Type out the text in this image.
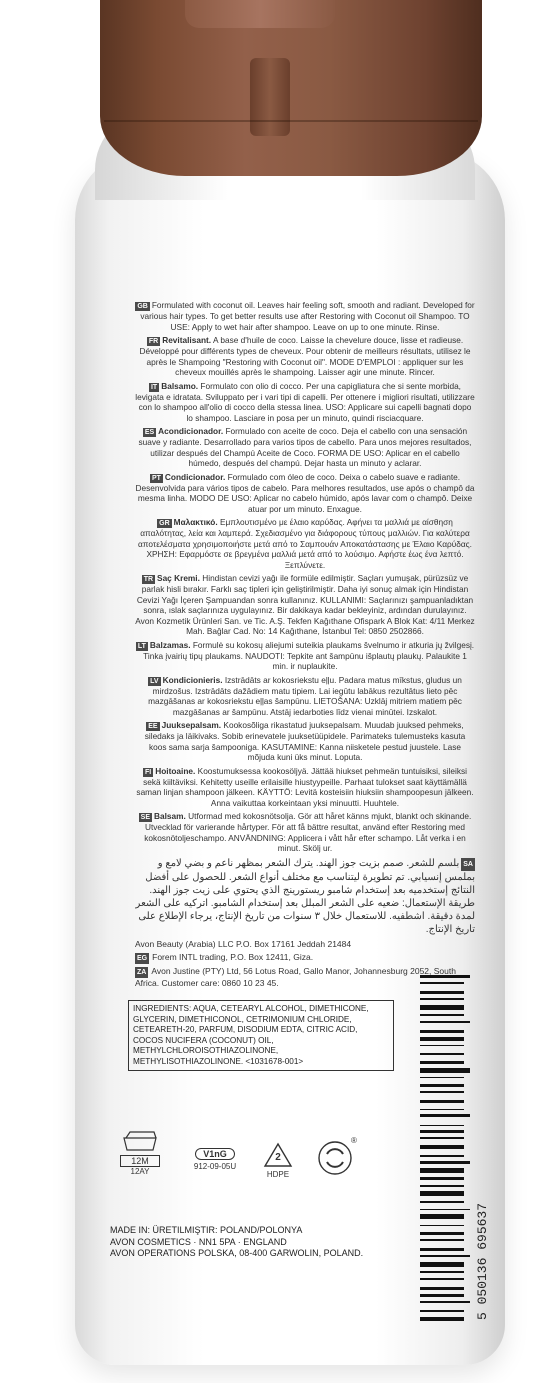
GB Formulated with coconut oil. Leaves hair feeling soft, smooth and radiant. Developed for various hair types. To get better results use after Restoring with Coconut oil Shampoo. TO USE: Apply to wet hair after shampoo. Leave on up to one minute. Rinse.
FR Revitalisant. A base d'huile de coco. Laisse la chevelure douce, lisse et radieuse. Développé pour différents types de cheveux. Pour obtenir de meilleurs résultats, utilisez le après le Shampoing "Restoring with Coconut oil". MODE D'EMPLOI : appliquer sur les cheveux mouillés après le shampoing. Laisser agir une minute. Rincer.
IT Balsamo. Formulato con olio di cocco. Per una capigliatura che si sente morbida, levigata e idratata. Sviluppato per i vari tipi di capelli. Per ottenere i migliori risultati, utilizzare con lo shampoo all'olio di cocco della stessa linea. USO: Applicare sui capelli bagnati dopo lo shampoo. Lasciare in posa per un minuto, quindi risciacquare.
ES Acondicionador. Formulado con aceite de coco. Deja el cabello con una sensación suave y radiante. Desarrollado para varios tipos de cabello. Para unos mejores resultados, utilizar después del Champú Aceite de Coco. FORMA DE USO: Aplicar en el cabello húmedo, después del champú. Dejar hasta un minuto y aclarar.
PT Condicionador. Formulado com óleo de coco. Deixa o cabelo suave e radiante. Desenvolvida para vários tipos de cabelo. Para melhores resultados, use após o champô da mesma linha. MODO DE USO: Aplicar no cabelo húmido, após lavar com o champô. Deixe atuar por um minuto. Enxague.
GR Μαλακτικό. Εμπλουτισμένο με έλαιο καρύδας. Αφήνει τα μαλλιά με αίσθηση απαλότητας, λεία και λαμπερά. Σχεδιασμένο για διάφορους τύπους μαλλιών. Για καλύτερα αποτελέσματα χρησιμοποιήστε μετά από το Σαμπουάν Αποκατάστασης με Έλαιο Καρύδας. ΧΡΗΣΗ: Εφαρμόστε σε βρεγμένα μαλλιά μετά από το λούσιμο. Αφήστε έως ένα λεπτό. Ξεπλύνετε.
TR Saç Kremi. Hindistan cevizi yağı ile formüle edilmiştir. Saçları yumuşak, pürüzsüz ve parlak hisli bırakır. Farklı saç tipleri için geliştirilmiştir. Daha iyi sonuç almak için Hindistan Cevizi Yağı İçeren Şampuandan sonra kullanınız. KULLANIMI: Saçlarınızı şampuanladıktan sonra, ıslak saçlarınıza uygulayınız. Bir dakikaya kadar bekleyiniz, ardından durulayınız. Avon Kozmetik Ürünleri San. ve Tic. A.Ş. Tekfen Kağıthane Ofispark A Blok Kat: 4/11 Merkez Mah. Bağlar Cad. No: 14 Kağıthane, İstanbul Tel: 0850 2502866.
LT Balzamas. Formulė su kokosų aliejumi suteikia plaukams švelnumo ir atkuria jų žvilgesį. Tinka įvairių tipų plaukams. NAUDOTI: Tepkite ant šampūnu išplautų plaukų. Palaukite 1 min. ir nuplaukite.
LV Kondicionieris. Izstrādāts ar kokosriekstu eļļu. Padara matus mīkstus, gludus un mirdzošus. Izstrādāts dažādiem matu tipiem. Lai iegūtu labākus rezultātus lieto pēc mazgāšanas ar kokosriekstu eļļas šampūnu. LIETOŠANA: Uzklāj mitriem matiem pēc mazgāšanas ar šampūnu. Atstāj iedarboties līdz vienai minūtei. Izskalot.
EE Juuksepalsam. Kookosõliga rikastatud juuksepalsam. Muudab juuksed pehmeks, siledaks ja läikivaks. Sobib erinevatele juuksetüüpidele. Parimateks tulemusteks kasuta koos sama sarja šampooniga. KASUTAMINE: Kanna niisketele pestud juustele. Lase mõjuda kuni üks minut. Loputa.
FI Hoitoaine. Koostumuksessa kookosöljyä. Jättää hiukset pehmeän tuntuisiksi, sileiksi sekä kiiltäviksi. Kehitetty useille erilaisille hiustyypeille. Parhaat tulokset saat käyttämällä saman linjan shampoon jälkeen. KÄYTTÖ: Levitä kosteisiin hiuksiin shampoopesun jälkeen. Anna vaikuttaa korkeintaan yksi minuutti. Huuhtele.
SE Balsam. Utformad med kokosnötsolja. Gör att håret känns mjukt, blankt och skinande. Utvecklad för varierande hårtyper. För att få bättre resultat, använd efter Restoring med kokosnötoljeschampo. ANVÄNDNING: Applicera i vått hår efter schampo. Låt verka i en minut. Skölj ur.
SAبلسم للشعر. صمم بزيت جوز الهند. يترك الشعر بمظهر ناعم و بضي لامع و بملمس إنسيابي. تم تطويرة ليتناسب مع مختلف أنواع الشعر. للحصول على أفضل النتائج إستخدميه بعد إستخدام شامبو ريستورينج الذي يحتوي على زيت جوز الهند. طريقة الإستعمال: ضعيه على الشعر المبلل بعد إستخدام الشامبو. اتركيه على الشعر لمدة دقيقة. اشطفيه. للاستعمال خلال ٣ سنوات من تاريخ الإنتاج، يرجاء الإطلاع على تاريخ الإنتاج.
Avon Beauty (Arabia) LLC P.O. Box 17161 Jeddah 21484
EG Forem INTL trading, P.O. Box 12411, Giza.
ZA Avon Justine (PTY) Ltd, 56 Lotus Road, Gallo Manor, Johannesburg 2052, South Africa. Customer care: 0860 10 23 45.
INGREDIENTS: AQUA, CETEARYL ALCOHOL, DIMETHICONE, GLYCERIN, DIMETHICONOL, CETRIMONIUM CHLORIDE, CETEARETH-20, PARFUM, DISODIUM EDTA, CITRIC ACID, COCOS NUCIFERA (COCONUT) OIL, METHYLCHLOROISOTHIAZOLINONE, METHYLISOTHIAZOLINONE. <1031678-001>
12M
12AY
V1nG
912-09-05U
2
HDPE
®
MADE IN: ÜRETILMIŞTIR: POLAND/POLONYA
AVON COSMETICS · NN1 5PA · ENGLAND
AVON OPERATIONS POLSKA, 08-400 GARWOLIN, POLAND.	5 050136 695637
